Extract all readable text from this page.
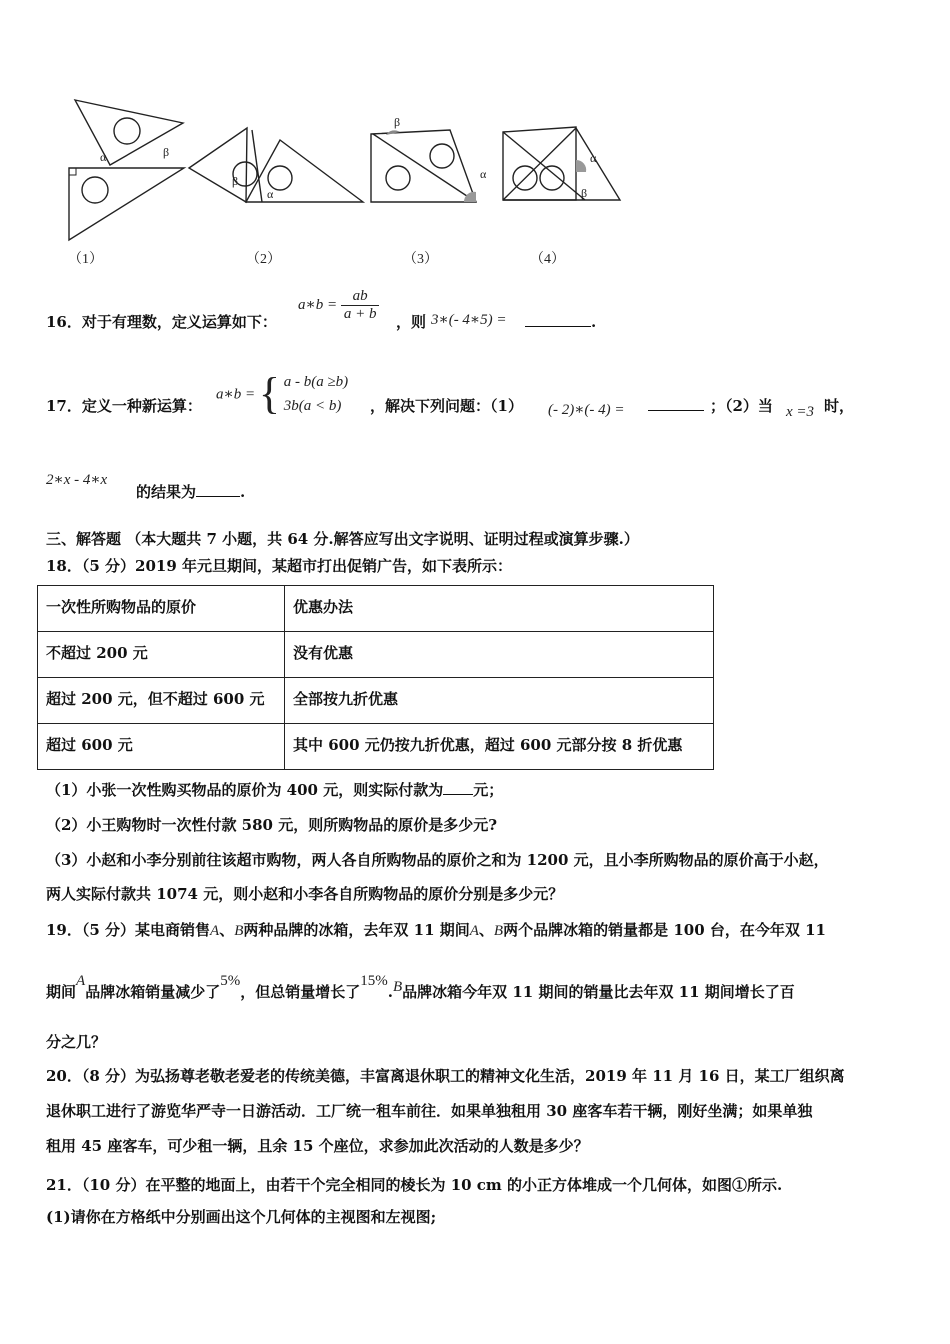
α	β
β
α
β
α
α
β
（1）	（2）	（3）	（4）
16．对于有理数，定义运算如下：
a∗b = $\frac{ab}{a + b}$ ，则 3∗(- 4∗5) =	.
17．定义一种新运算：
a∗b = { a - b(a ≥b)
3b(a < b)	，解决下列问题：（1） (- 2)∗(- 4) =	；（2）当 x =3 时，
2∗x - 4∗x
的结果为	.
三、解答题 （本大题共 7 小题，共 64 分.解答应写出文字说明、证明过程或演算步骤.）
18．（5 分）2019 年元旦期间，某超市打出促销广告，如下表所示：
一次性所购物品的原价	优惠办法
不超过 200 元	没有优惠
超过 200 元，但不超过 600 元	全部按九折优惠
超过 600 元	其中 600 元仍按九折优惠，超过 600 元部分按 8 折优惠
（1）小张一次性购买物品的原价为 400 元，则实际付款为 元；
（2）小王购物时一次性付款 580 元，则所购物品的原价是多少元?
（3）小赵和小李分别前往该超市购物，两人各自所购物品的原价之和为 1200 元，且小李所购物品的原价高于小赵，
两人实际付款共 1074 元，则小赵和小李各自所购物品的原价分别是多少元？
19．（5 分）某电商销售A、B两种品牌的冰箱，去年双 11 期间A、B两个品牌冰箱的销量都是 100 台，在今年双 11
期间A品牌冰箱销量减少了5%，但总销量增长了15%.B品牌冰箱今年双 11 期间的销量比去年双 11 期间增长了百
分之几？
20．（8 分）为弘扬尊老敬老爱老的传统美德，丰富离退休职工的精神文化生活，2019 年 11 月 16 日，某工厂组织离
退休职工进行了游览华严寺一日游活动．工厂统一租车前往．如果单独租用 30 座客车若干辆，刚好坐满；如果单独
租用 45 座客车，可少租一辆，且余 15 个座位，求参加此次活动的人数是多少？
21．（10 分）在平整的地面上，由若干个完全相同的棱长为 10 cm 的小正方体堆成一个几何体，如图①所示.
(1)请你在方格纸中分别画出这个几何体的主视图和左视图;
